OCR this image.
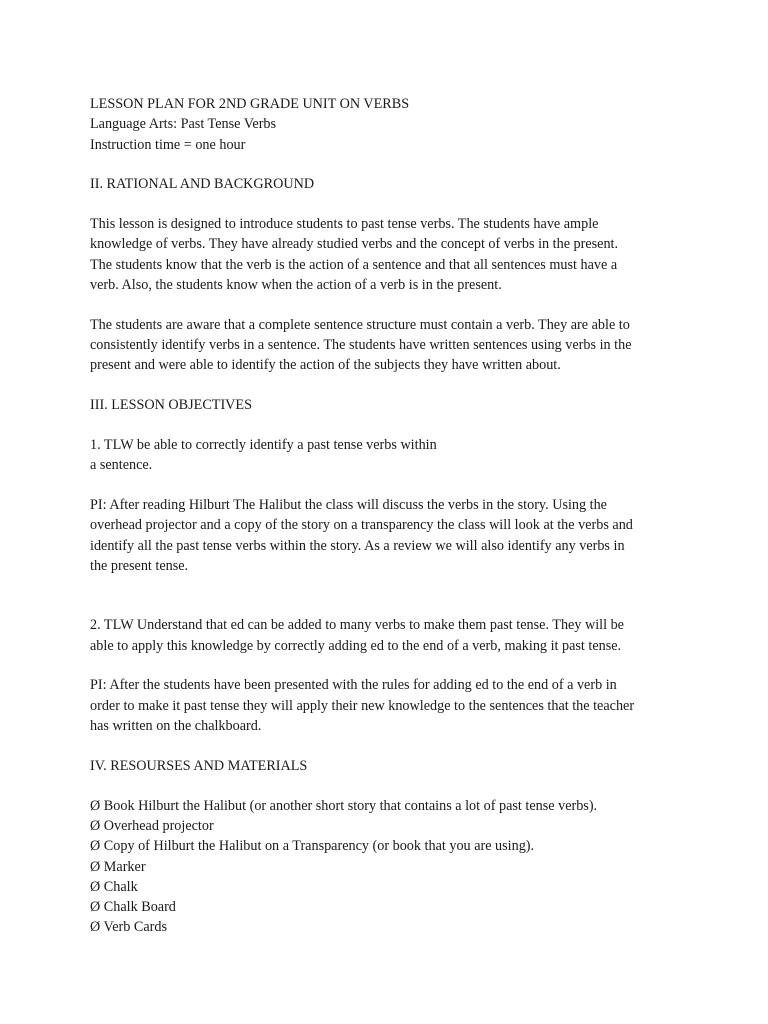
LESSON PLAN FOR 2ND GRADE UNIT ON VERBS
Language Arts: Past Tense Verbs
Instruction time = one hour
II. RATIONAL AND BACKGROUND
This lesson is designed to introduce students to past tense verbs. The students have ample
knowledge of verbs. They have already studied verbs and the concept of verbs in the present.
The students know that the verb is the action of a sentence and that all sentences must have a
verb. Also, the students know when the action of a verb is in the present.
The students are aware that a complete sentence structure must contain a verb. They are able to
consistently identify verbs in a sentence. The students have written sentences using verbs in the
present and were able to identify the action of the subjects they have written about.
III. LESSON OBJECTIVES
1. TLW be able to correctly identify a past tense verbs within
a sentence.
PI: After reading Hilburt The Halibut the class will discuss the verbs in the story. Using the
overhead projector and a copy of the story on a transparency the class will look at the verbs and
identify all the past tense verbs within the story. As a review we will also identify any verbs in
the present tense.
2. TLW Understand that ed can be added to many verbs to make them past tense. They will be
able to apply this knowledge by correctly adding ed to the end of a verb, making it past tense.
PI: After the students have been presented with the rules for adding ed to the end of a verb in
order to make it past tense they will apply their new knowledge to the sentences that the teacher
has written on the chalkboard.
IV. RESOURSES AND MATERIALS
Ø Book Hilburt the Halibut (or another short story that contains a lot of past tense verbs).
Ø Overhead projector
Ø Copy of Hilburt the Halibut on a Transparency (or book that you are using).
Ø Marker
Ø Chalk
Ø Chalk Board
Ø Verb Cards
